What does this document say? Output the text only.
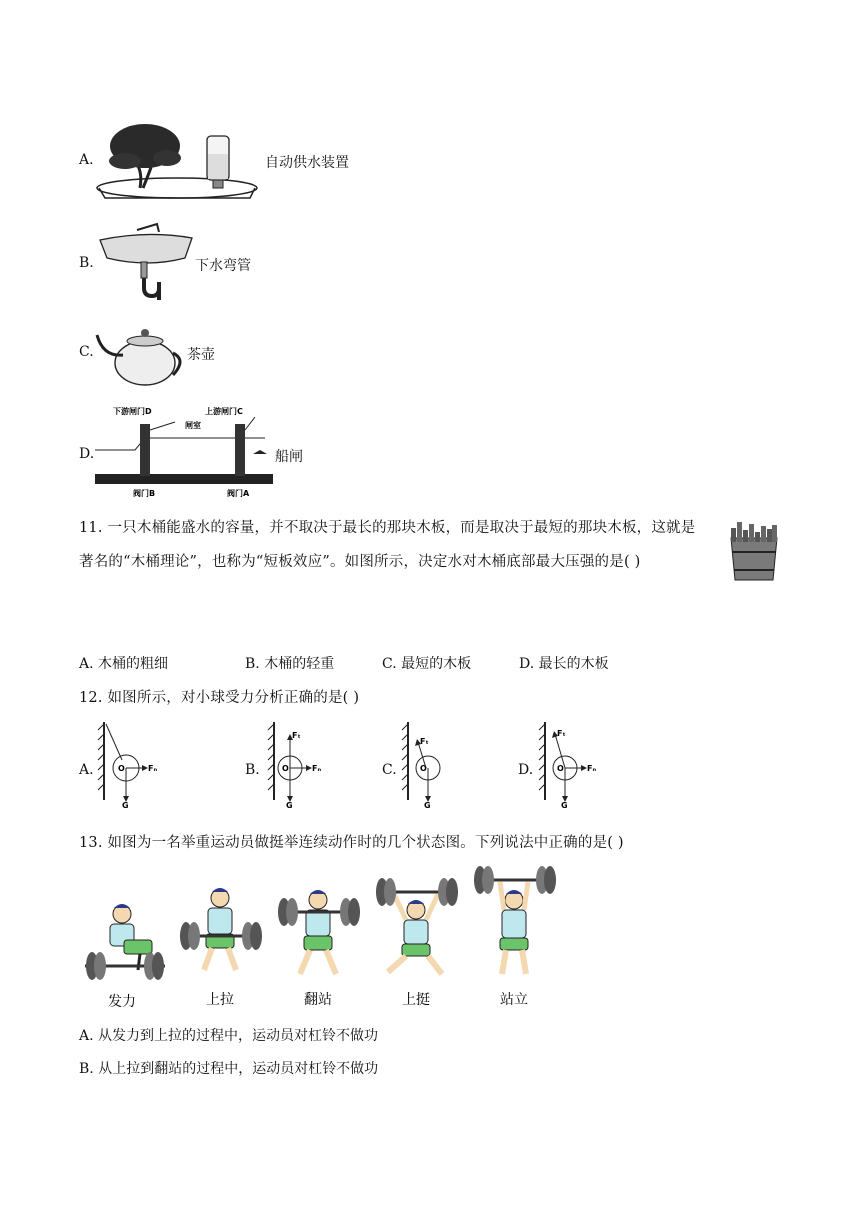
A.	自动供水装置
B.	下水弯管
C.	茶壶
D.
下游闸门D	上游闸门C
闸室
阀门B	阀门A
船闸
11. 一只木桶能盛水的容量，并不取决于最长的那块木板，而是取决于最短的那块木板，这就是
著名的“木桶理论”，也称为“短板效应”。如图所示，决定水对木桶底部最大压强的是( )
A. 木桶的粗细	B. 木桶的轻重	C. 最短的木板	D. 最长的木板
12. 如图所示，对小球受力分析正确的是( )
A.	Fₙ
G
O	B.
Fₜ
Fₙ
G
O	C.
Fₜ
G
O	D.
Fₜ
Fₙ
G
O
13. 如图为一名举重运动员做挺举连续动作时的几个状态图。下列说法中正确的是( )
发力	上拉	翻站	上挺	站立
A. 从发力到上拉的过程中，运动员对杠铃不做功
B. 从上拉到翻站的过程中，运动员对杠铃不做功
